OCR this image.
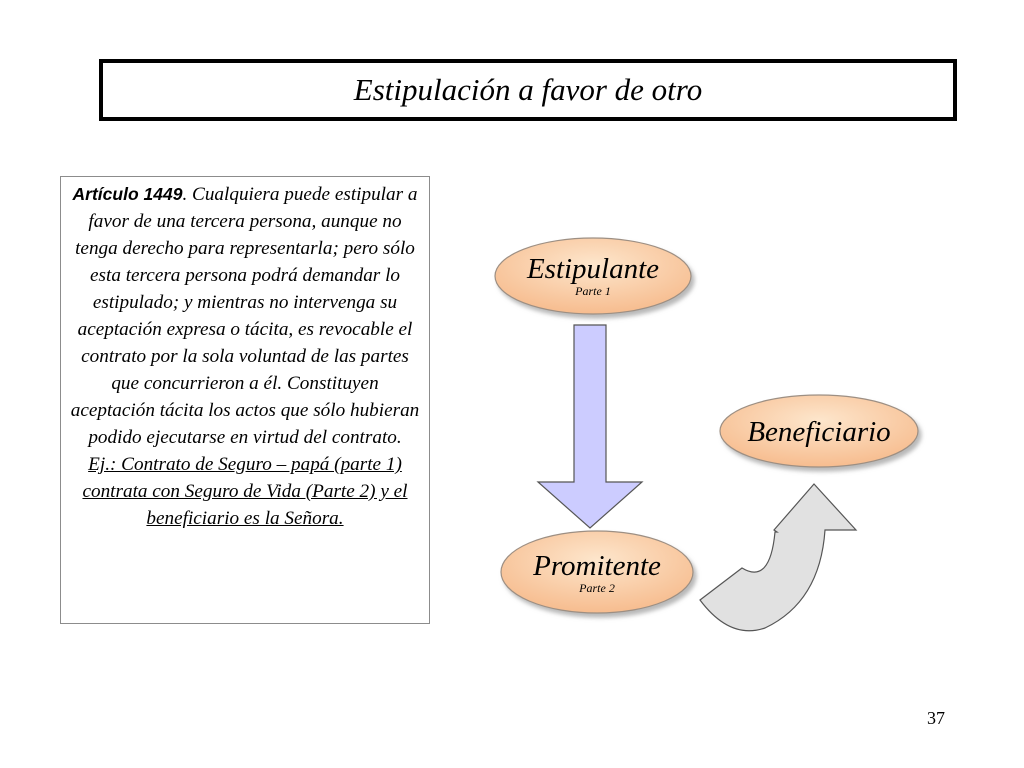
Estipulación a favor de otro
Artículo 1449. Cualquiera puede estipular a favor de una tercera persona, aunque no tenga derecho para representarla; pero sólo esta tercera persona podrá demandar lo estipulado; y mientras no intervenga su aceptación expresa o tácita, es revocable el contrato por la sola voluntad de las partes que concurrieron a él. Constituyen aceptación tácita los actos que sólo hubieran podido ejecutarse en virtud del contrato.
Ej.: Contrato de Seguro – papá (parte 1) contrata con Seguro de Vida (Parte 2) y el beneficiario es la Señora.
Estipulante
Parte 1
Promitente
Parte 2
Beneficiario
37
